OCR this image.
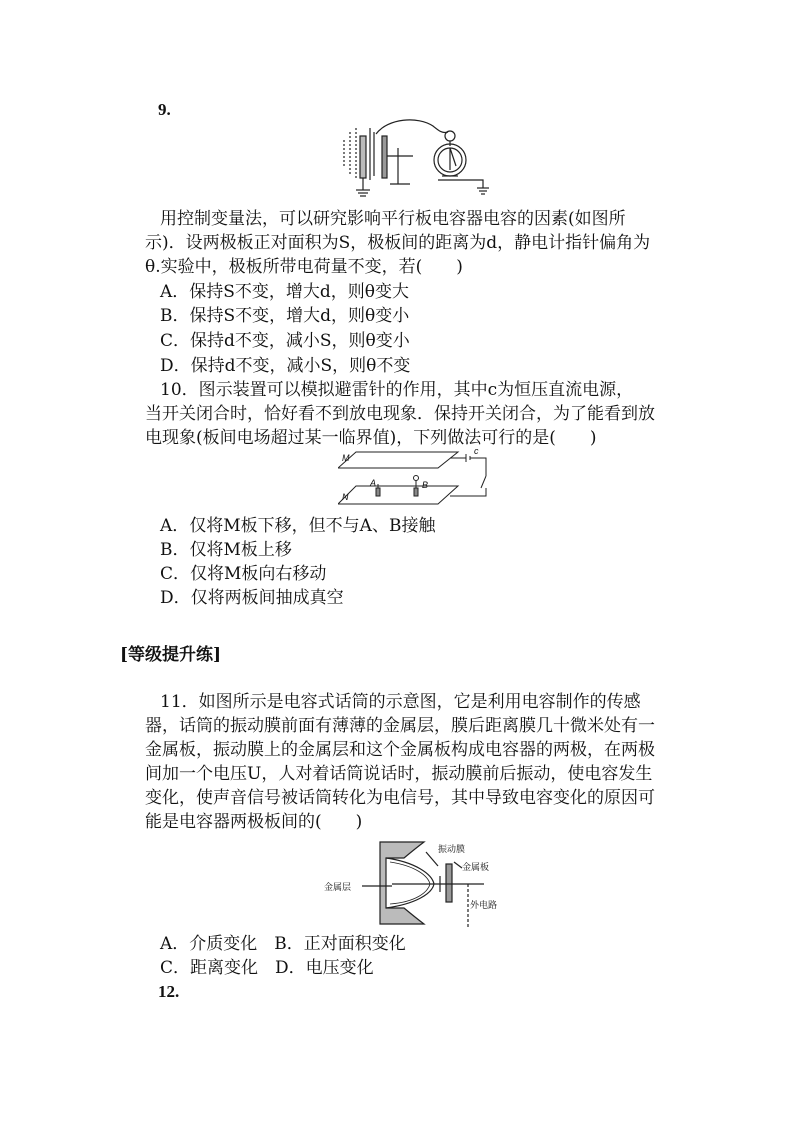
9.
用控制变量法，可以研究影响平行板电容器电容的因素(如图所
示)．设两极板正对面积为S，极板间的距离为d，静电计指针偏角为
θ.实验中，极板所带电荷量不变，若(　　)
A．保持S不变，增大d，则θ变大
B．保持S不变，增大d，则θ变小
C．保持d不变，减小S，则θ变小
D．保持d不变，减小S，则θ不变
10．图示装置可以模拟避雷针的作用，其中c为恒压直流电源，
当开关闭合时，恰好看不到放电现象．保持开关闭合，为了能看到放
电现象(板间电场超过某一临界值)，下列做法可行的是(　　)
M
N
A	B
c
A．仅将M板下移，但不与A、B接触
B．仅将M板上移
C．仅将M板向右移动
D．仅将两板间抽成真空
[等级提升练]
11．如图所示是电容式话筒的示意图，它是利用电容制作的传感
器，话筒的振动膜前面有薄薄的金属层，膜后距离膜几十微米处有一
金属板，振动膜上的金属层和这个金属板构成电容器的两极，在两极
间加一个电压U，人对着话筒说话时，振动膜前后振动，使电容发生
变化，使声音信号被话筒转化为电信号，其中导致电容变化的原因可
能是电容器两极板间的(　　)
振动膜
金属板
金属层
外电路
A．介质变化　B．正对面积变化
C．距离变化　D．电压变化
12.
